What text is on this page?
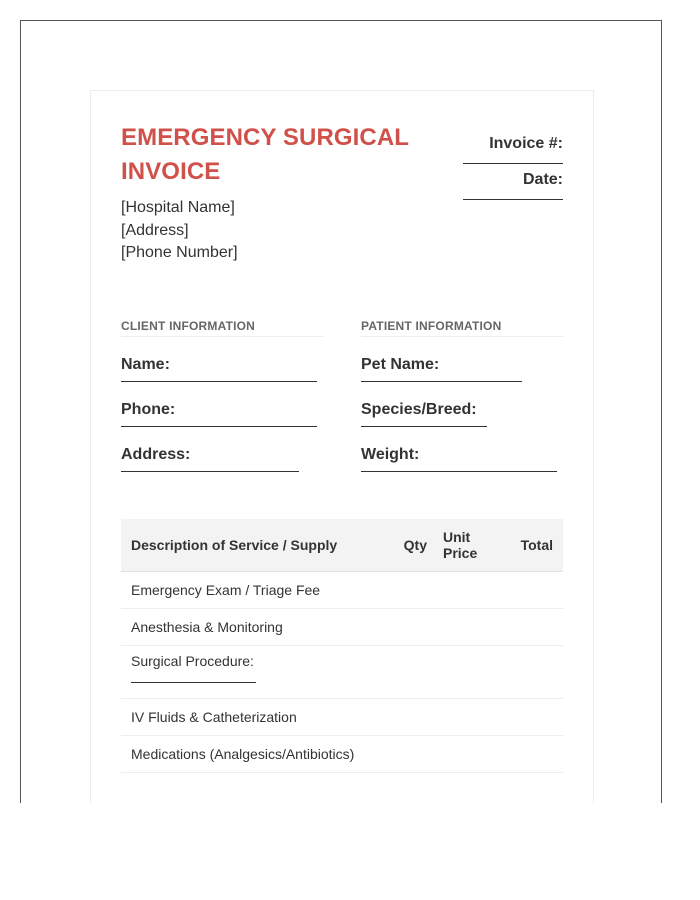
EMERGENCY SURGICAL INVOICE
[Hospital Name]
[Address]
[Phone Number]
Invoice #:
Date:
CLIENT INFORMATION
Name:
Phone:
Address:
PATIENT INFORMATION
Pet Name:
Species/Breed:
Weight:
Description of Service / Supply	Qty	Unit Price	Total
Emergency Exam / Triage Fee			
Anesthesia & Monitoring			

Surgical Procedure:			

IV Fluids & Catheterization			
Medications (Analgesics/Antibiotics)			
